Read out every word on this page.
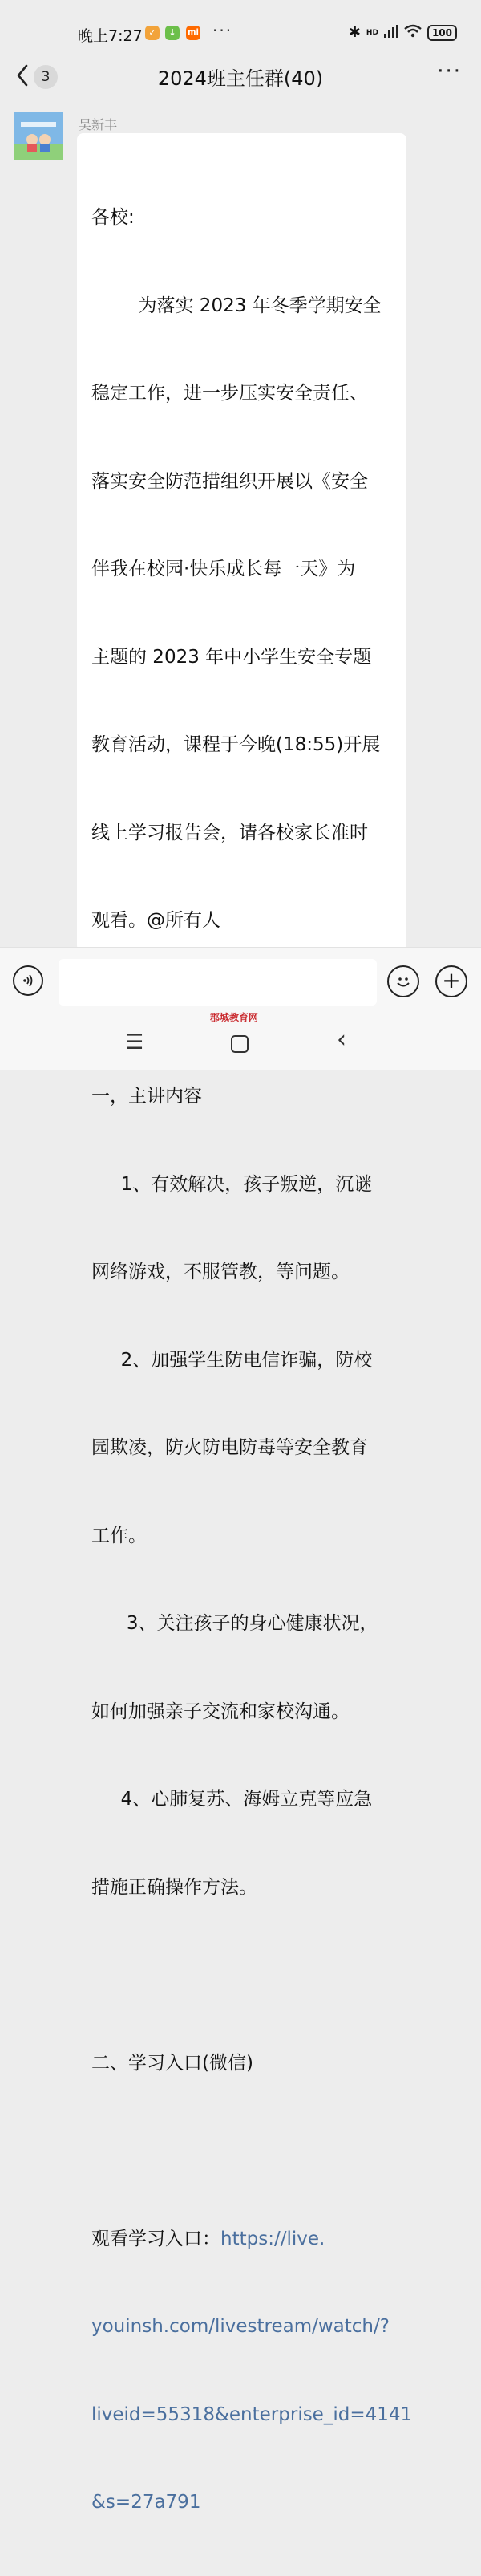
晚上7:27 ✓	↓	mi ···	✱ HD	100
3	2024班主任群(40)	···
吴新丰

各校:

为落实 2023 年冬季学期安全

稳定工作，进一步压实安全责任、

落实安全防范措组织开展以《安全

伴我在校园·快乐成长每一天》为

主题的 2023 年中小学生安全专题

教育活动，课程于今晚(18:55)开展

线上学习报告会，请各校家长准时

观看。@所有人

一，主讲内容

1、有效解决，孩子叛逆，沉谜

网络游戏，不服管教，等问题。

2、加强学生防电信诈骗，防校

园欺凌，防火防电防毒等安全教育

工作。

3、关注孩子的身心健康状况，

如何加强亲子交流和家校沟通。

4、心肺复苏、海姆立克等应急

措施正确操作方法。

二、学习入口(微信)

观看学习入口：https://live.

youinsh.com/livestream/watch/?

liveid=55318&enterprise_id=4141

&s=27a791

+
郡城教育网
☰	‹
